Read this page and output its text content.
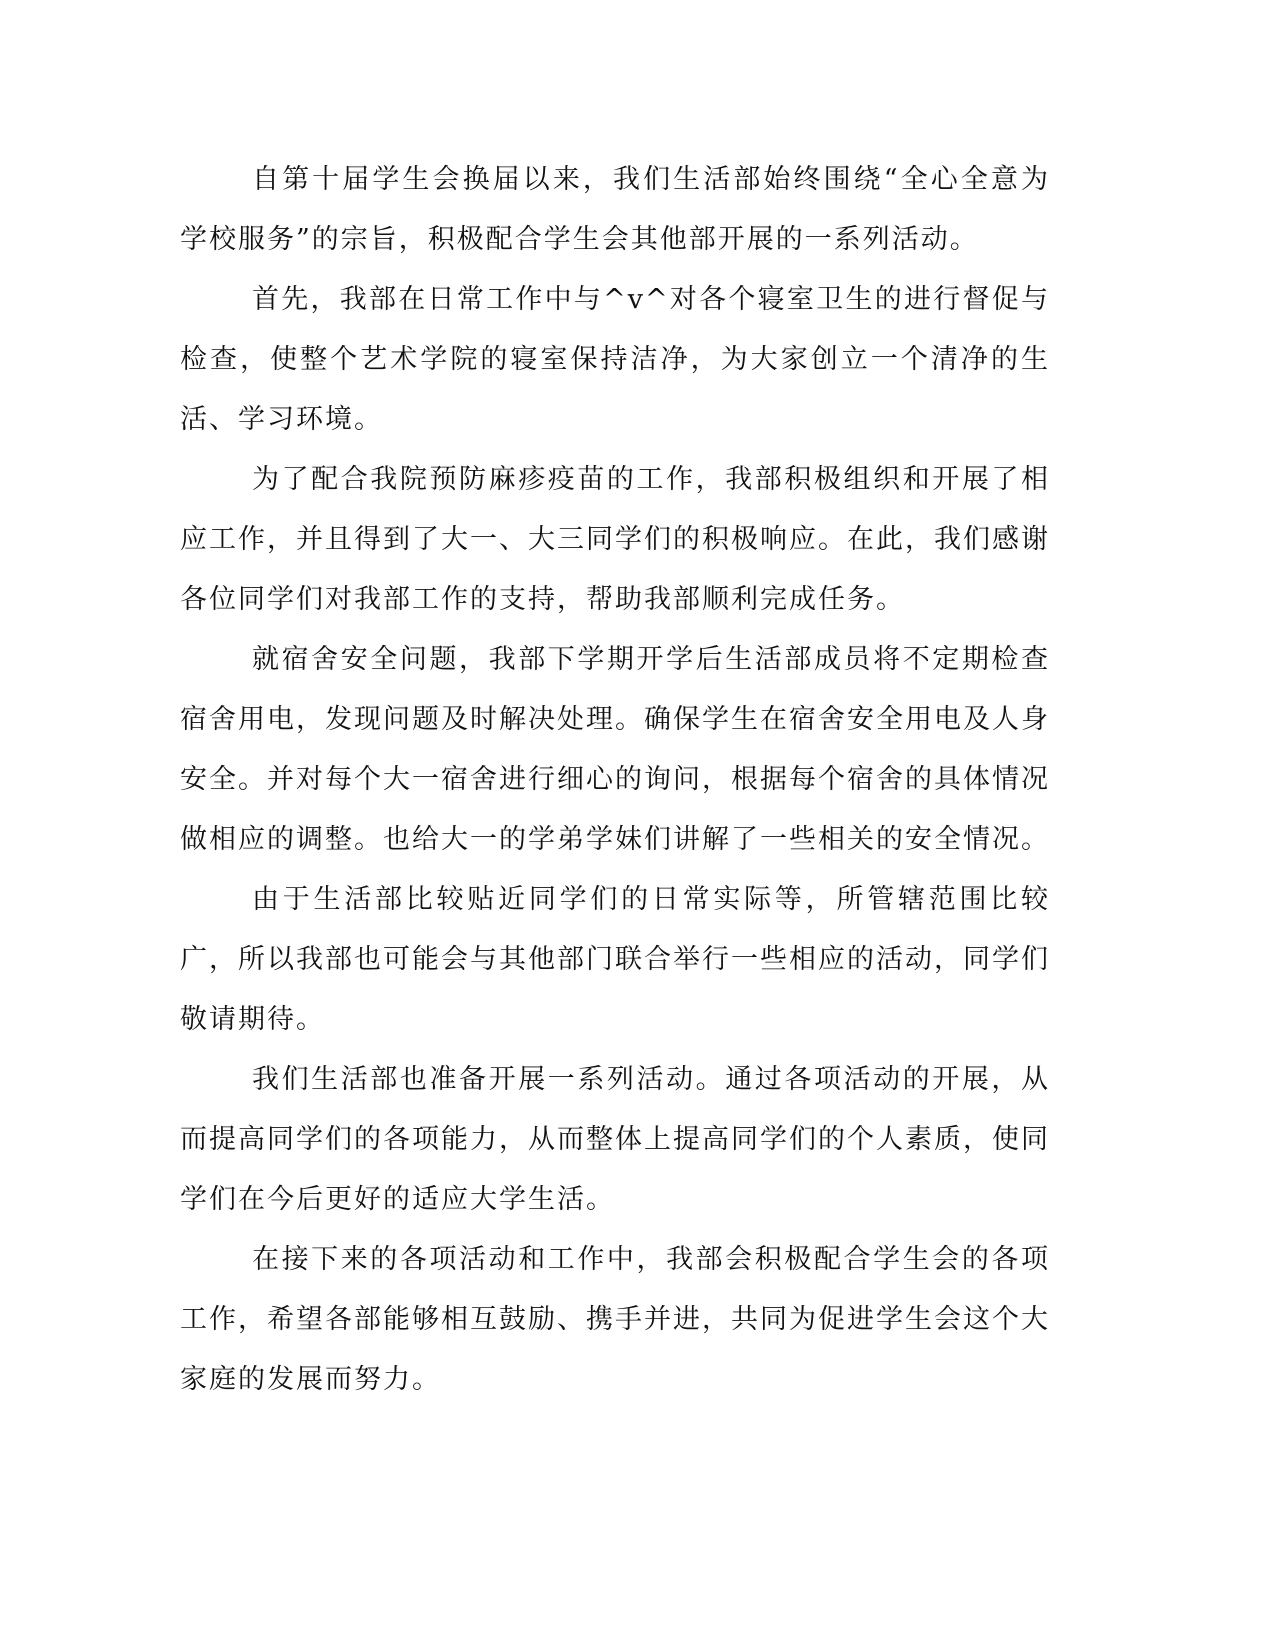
自第十届学生会换届以来，我们生活部始终围绕“全心全意为学校服务”的宗旨，积极配合学生会其他部开展的一系列活动。

首先，我部在日常工作中与^v^对各个寝室卫生的进行督促与检查，使整个艺术学院的寝室保持洁净，为大家创立一个清净的生活、学习环境。

为了配合我院预防麻疹疫苗的工作，我部积极组织和开展了相应工作，并且得到了大一、大三同学们的积极响应。在此，我们感谢各位同学们对我部工作的支持，帮助我部顺利完成任务。

就宿舍安全问题，我部下学期开学后生活部成员将不定期检查宿舍用电，发现问题及时解决处理。确保学生在宿舍安全用电及人身安全。并对每个大一宿舍进行细心的询问，根据每个宿舍的具体情况做相应的调整。也给大一的学弟学妹们讲解了一些相关的安全情况。

由于生活部比较贴近同学们的日常实际等，所管辖范围比较广，所以我部也可能会与其他部门联合举行一些相应的活动，同学们敬请期待。

我们生活部也准备开展一系列活动。通过各项活动的开展，从而提高同学们的各项能力，从而整体上提高同学们的个人素质，使同学们在今后更好的适应大学生活。

在接下来的各项活动和工作中，我部会积极配合学生会的各项工作，希望各部能够相互鼓励、携手并进，共同为促进学生会这个大家庭的发展而努力。
